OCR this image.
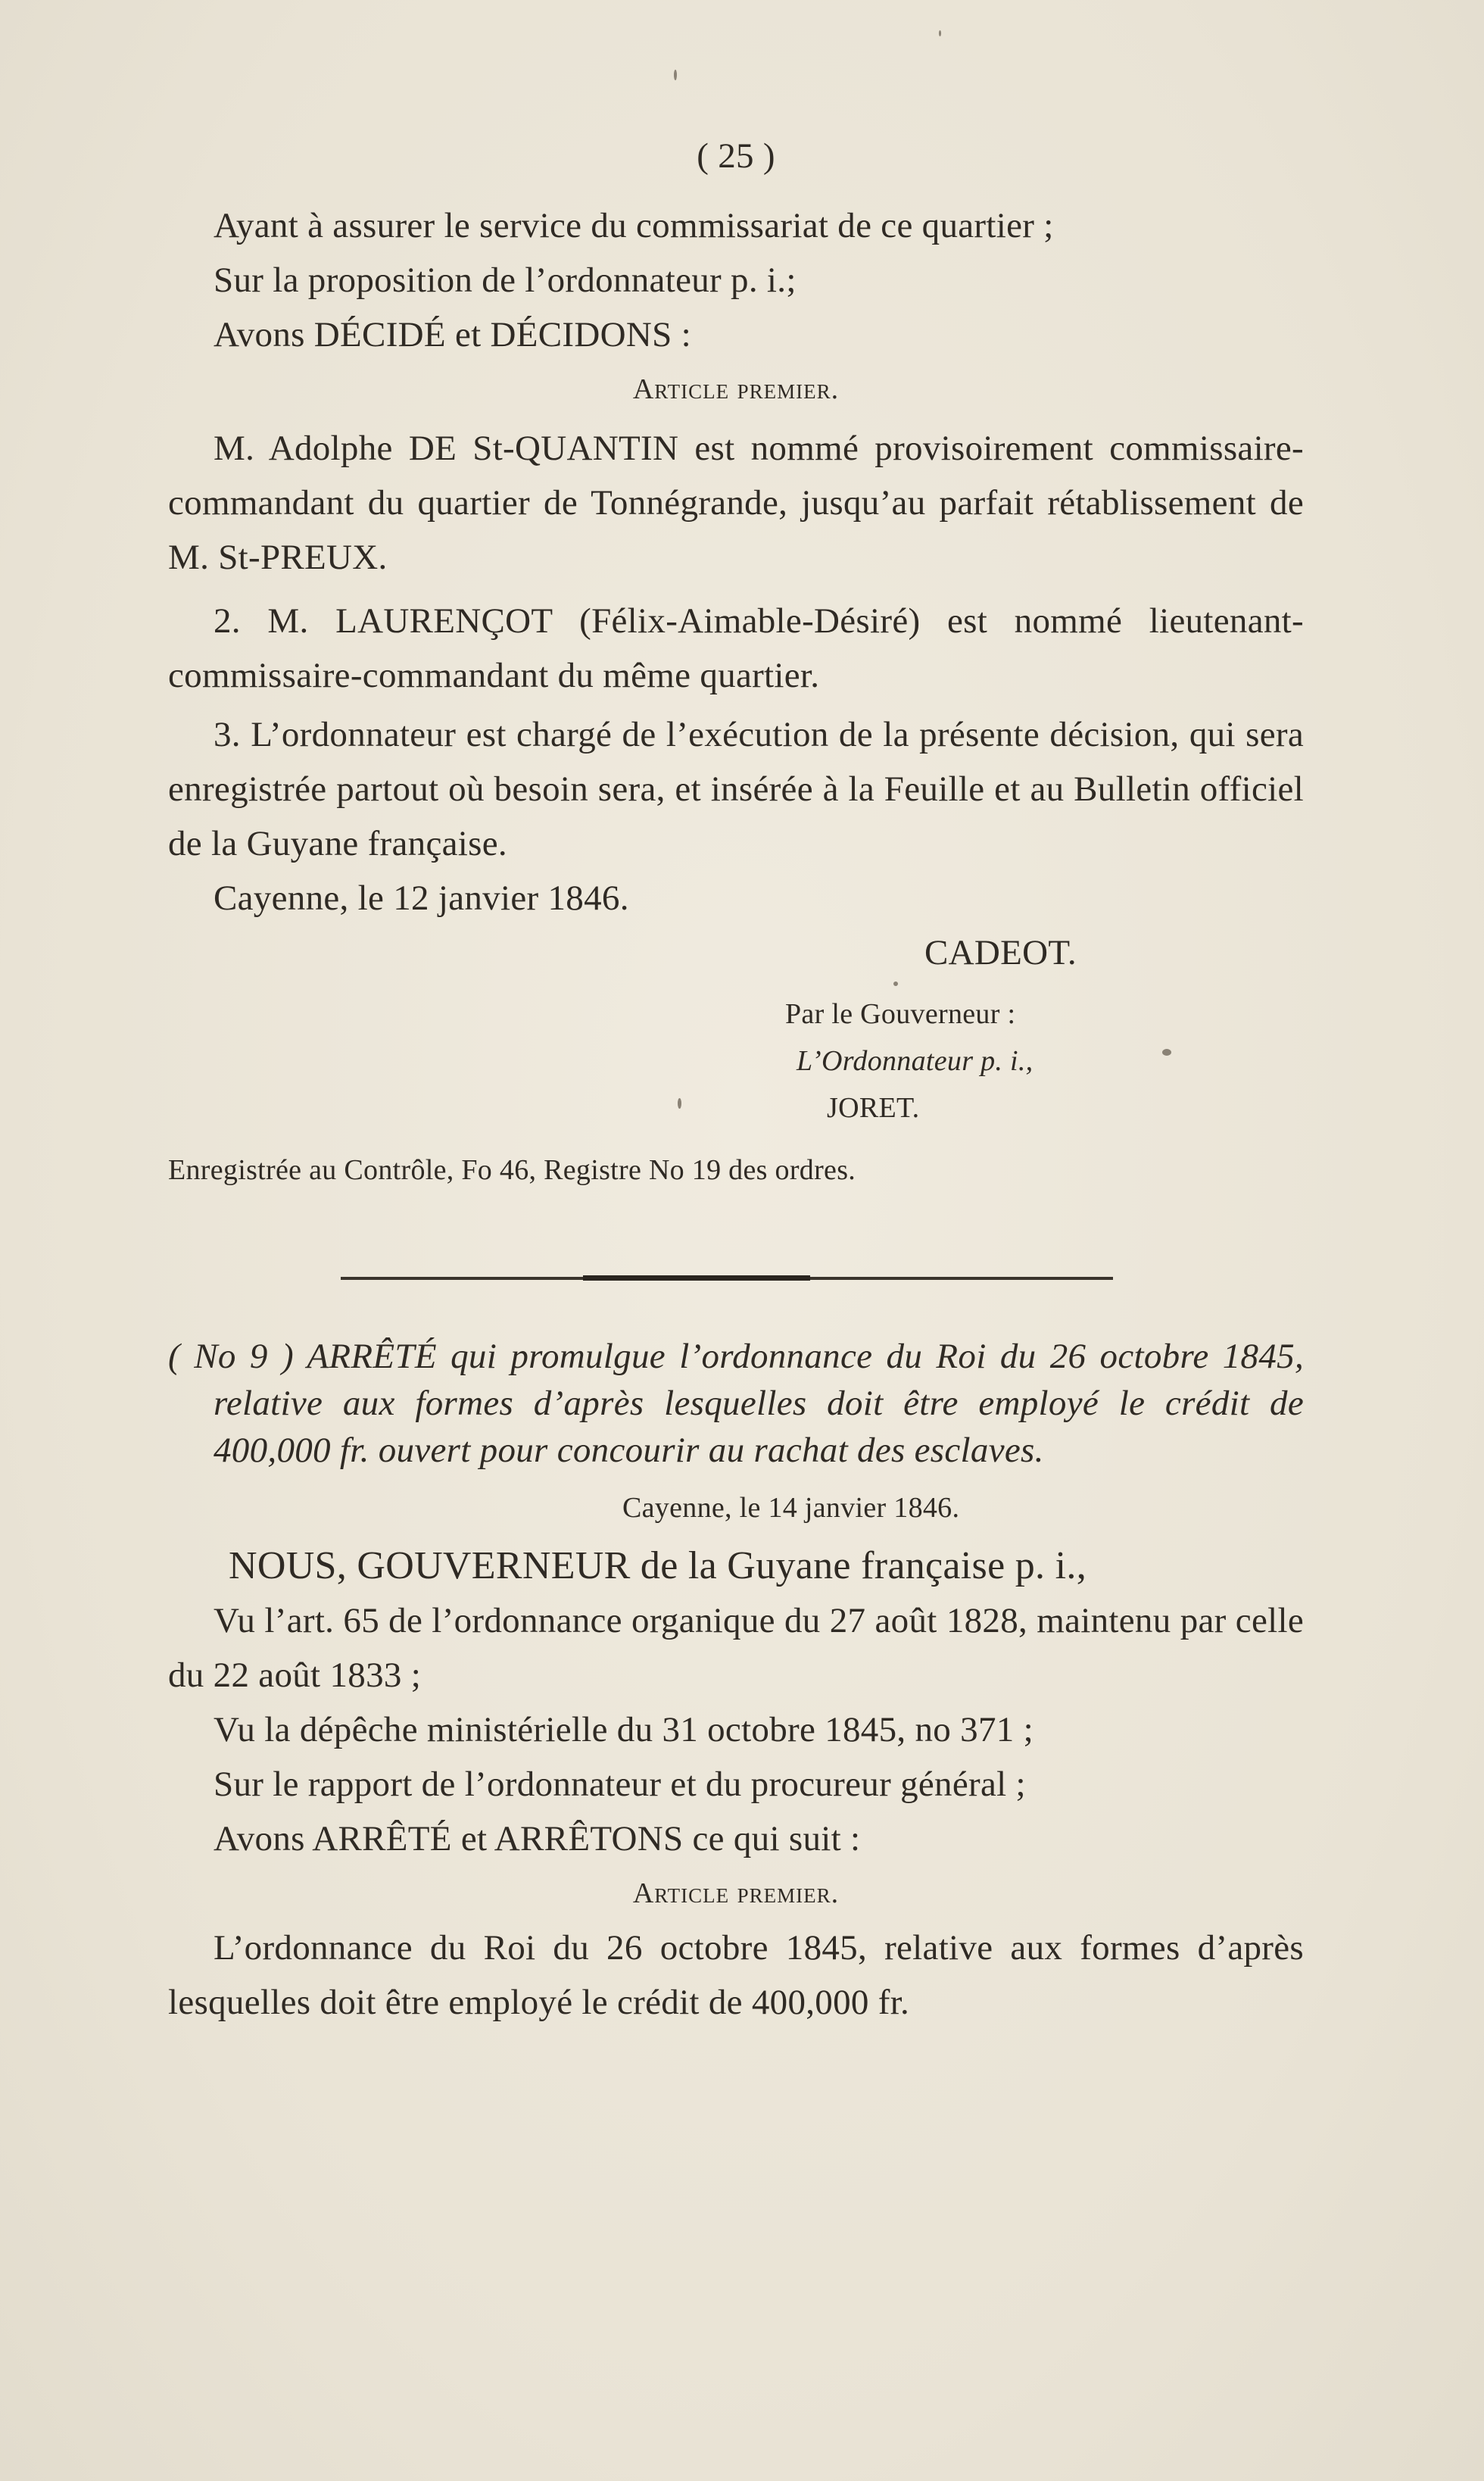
( 25 )

Ayant à assurer le service du commissariat de ce quartier ;

Sur la proposition de l’ordonnateur p. i.;

Avons DÉCIDÉ et DÉCIDONS :

Article premier.

M. Adolphe DE St-QUANTIN est nommé provisoirement commissaire-commandant du quartier de Tonnégrande, jusqu’au parfait rétablissement de M. St-PREUX.

2. M. LAURENÇOT (Félix-Aimable-Désiré) est nommé lieutenant-commissaire-commandant du même quartier.

3. L’ordonnateur est chargé de l’exécution de la présente décision, qui sera enregistrée partout où besoin sera, et insérée à la Feuille et au Bulletin officiel de la Guyane française.

Cayenne, le 12 janvier 1846.

CADEOT.

Par le Gouverneur :

L’Ordonnateur p. i.,

JORET.

Enregistrée au Contrôle, Fo 46, Registre No 19 des ordres.

( No 9 ) ARRÊTÉ qui promulgue l’ordonnance du Roi du 26 octobre 1845, relative aux formes d’après lesquelles doit être employé le crédit de 400,000 fr. ouvert pour concourir au rachat des esclaves.

Cayenne, le 14 janvier 1846.

NOUS, GOUVERNEUR de la Guyane française p. i.,

Vu l’art. 65 de l’ordonnance organique du 27 août 1828, maintenu par celle du 22 août 1833 ;

Vu la dépêche ministérielle du 31 octobre 1845, no 371 ;

Sur le rapport de l’ordonnateur et du procureur général ;

Avons ARRÊTÉ et ARRÊTONS ce qui suit :

Article premier.

L’ordonnance du Roi du 26 octobre 1845, relative aux formes d’après lesquelles doit être employé le crédit de 400,000 fr.
